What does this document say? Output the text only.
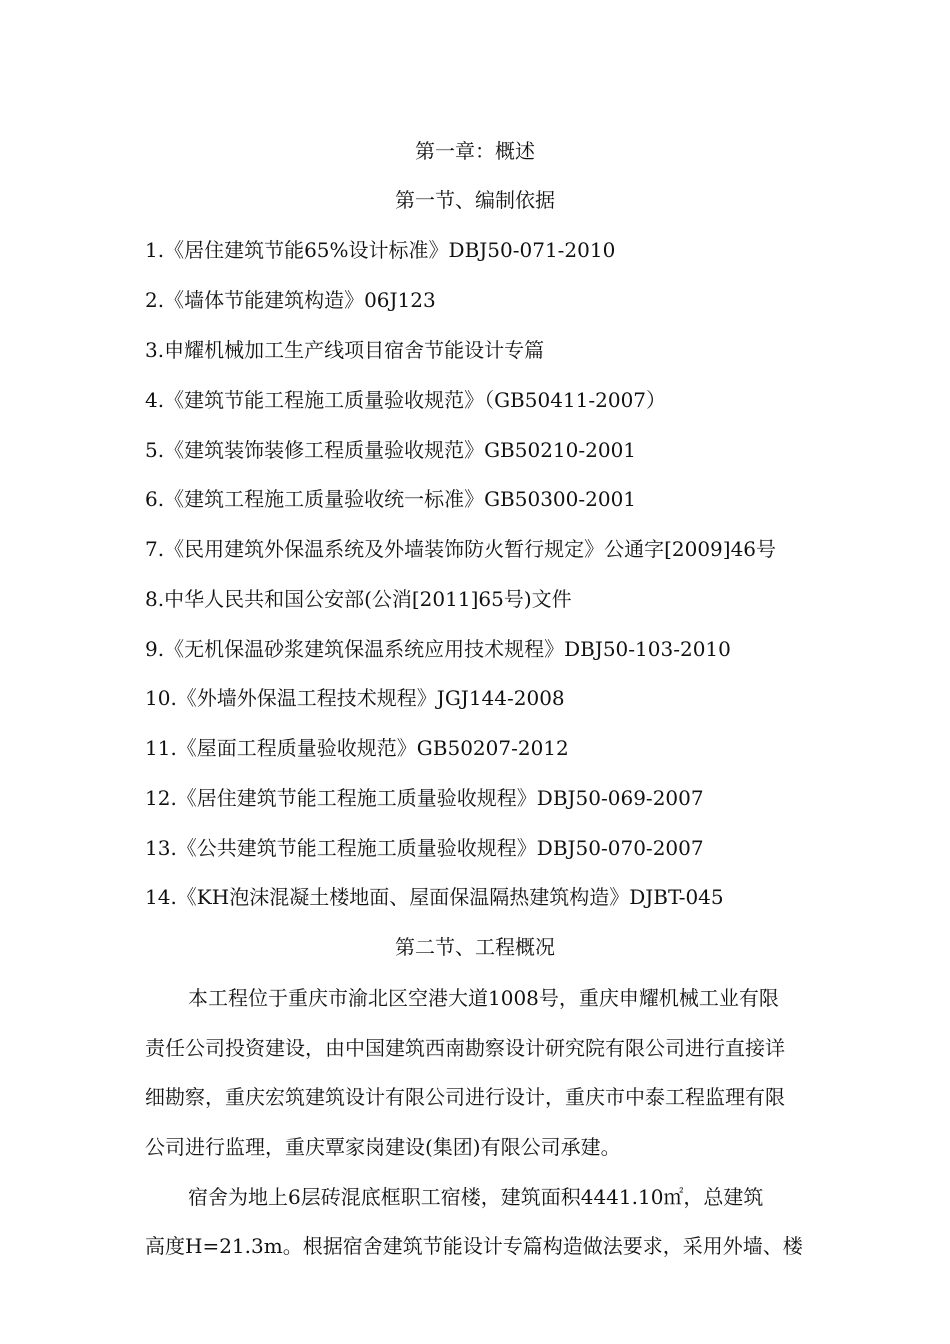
第一章：概述
第一节、编制依据
1.《居住建筑节能65%设计标准》DBJ50-071-2010
2.《墙体节能建筑构造》06J123
3.申耀机械加工生产线项目宿舍节能设计专篇
4.《建筑节能工程施工质量验收规范》（GB50411-2007）
5.《建筑装饰装修工程质量验收规范》GB50210-2001
6.《建筑工程施工质量验收统一标准》GB50300-2001
7.《民用建筑外保温系统及外墙装饰防火暂行规定》公通字[2009]46号
8.中华人民共和国公安部(公消[2011]65号)文件
9.《无机保温砂浆建筑保温系统应用技术规程》DBJ50-103-2010
10.《外墙外保温工程技术规程》JGJ144-2008
11.《屋面工程质量验收规范》GB50207-2012
12.《居住建筑节能工程施工质量验收规程》DBJ50-069-2007
13.《公共建筑节能工程施工质量验收规程》DBJ50-070-2007
14.《KH泡沫混凝土楼地面、屋面保温隔热建筑构造》DJBT-045
第二节、工程概况
本工程位于重庆市渝北区空港大道1008号，重庆申耀机械工业有限
责任公司投资建设，由中国建筑西南勘察设计研究院有限公司进行直接详
细勘察，重庆宏筑建筑设计有限公司进行设计，重庆市中泰工程监理有限
公司进行监理，重庆覃家岗建设(集团)有限公司承建。
宿舍为地上6层砖混底框职工宿楼，建筑面积4441.10㎡，总建筑
高度H=21.3m。根据宿舍建筑节能设计专篇构造做法要求，采用外墙、楼
